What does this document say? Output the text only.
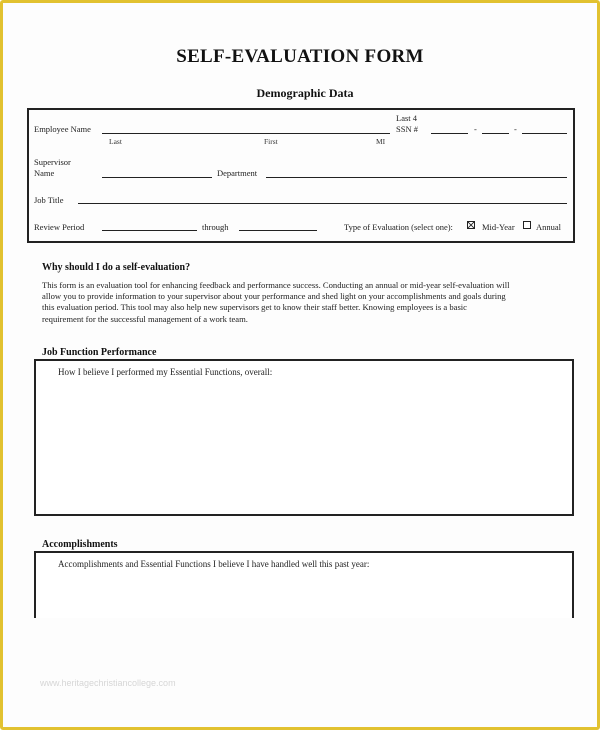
SELF-EVALUATION FORM
Demographic Data
Employee Name
Last	First	MI
Last 4
SSN #	-	-
Supervisor
Name	Department
Job Title
Review Period	through	Type of Evaluation (select one):	Mid-Year	Annual
Why should I do a self-evaluation?

This form is an evaluation tool for enhancing feedback and performance success. Conducting an annual or mid-year self-evaluation will

allow you to provide information to your supervisor about your performance and shed light on your accomplishments and goals during

this evaluation period. This tool may also help new supervisors get to know their staff better. Knowing employees is a basic

requirement for the successful management of a work team.

Job Function Performance
How I believe I performed my Essential Functions, overall:
Accomplishments
Accomplishments and Essential Functions I believe I have handled well this past year:
www.heritagechristiancollege.com
